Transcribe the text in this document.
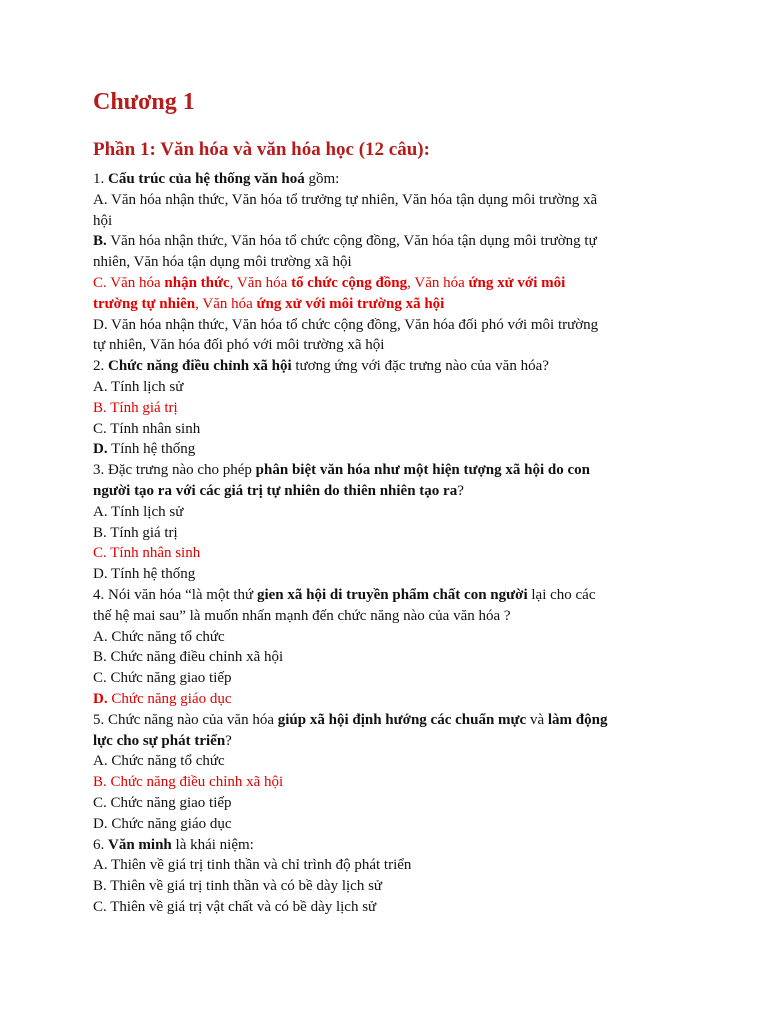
Chương 1
Phần 1: Văn hóa và văn hóa học (12 câu):

1. Cấu trúc của hệ thống văn hoá gồm:

A. Văn hóa nhận thức, Văn hóa tổ trưởng tự nhiên, Văn hóa tận dụng môi trường xã

hội

B. Văn hóa nhận thức, Văn hóa tổ chức cộng đồng, Văn hóa tận dụng môi trường tự

nhiên, Văn hóa tận dụng môi trường xã hội

C. Văn hóa nhận thức, Văn hóa tổ chức cộng đồng, Văn hóa ứng xử với môi

trường tự nhiên, Văn hóa ứng xử với môi trường xã hội

D. Văn hóa nhận thức, Văn hóa tổ chức cộng đồng, Văn hóa đối phó với môi trường

tự nhiên, Văn hóa đối phó với môi trường xã hội

2. Chức năng điều chỉnh xã hội tương ứng với đặc trưng nào của văn hóa?

A. Tính lịch sử

B. Tính giá trị

C. Tính nhân sinh

D. Tính hệ thống

3. Đặc trưng nào cho phép phân biệt văn hóa như một hiện tượng xã hội do con

người tạo ra với các giá trị tự nhiên do thiên nhiên tạo ra?

A. Tính lịch sử

B. Tính giá trị

C. Tính nhân sinh

D. Tính hệ thống

4. Nói văn hóa “là một thứ gien xã hội di truyền phẩm chất con người lại cho các

thế hệ mai sau” là muốn nhấn mạnh đến chức năng nào của văn hóa ?

A. Chức năng tổ chức

B. Chức năng điều chỉnh xã hội

C. Chức năng giao tiếp

D. Chức năng giáo dục

5. Chức năng nào của văn hóa giúp xã hội định hướng các chuẩn mực và làm động

lực cho sự phát triển?

A. Chức năng tổ chức

B. Chức năng điều chỉnh xã hội

C. Chức năng giao tiếp

D. Chức năng giáo dục

6. Văn minh là khái niệm:

A. Thiên về giá trị tinh thần và chỉ trình độ phát triển

B. Thiên về giá trị tinh thần và có bề dày lịch sử

C. Thiên về giá trị vật chất và có bề dày lịch sử
